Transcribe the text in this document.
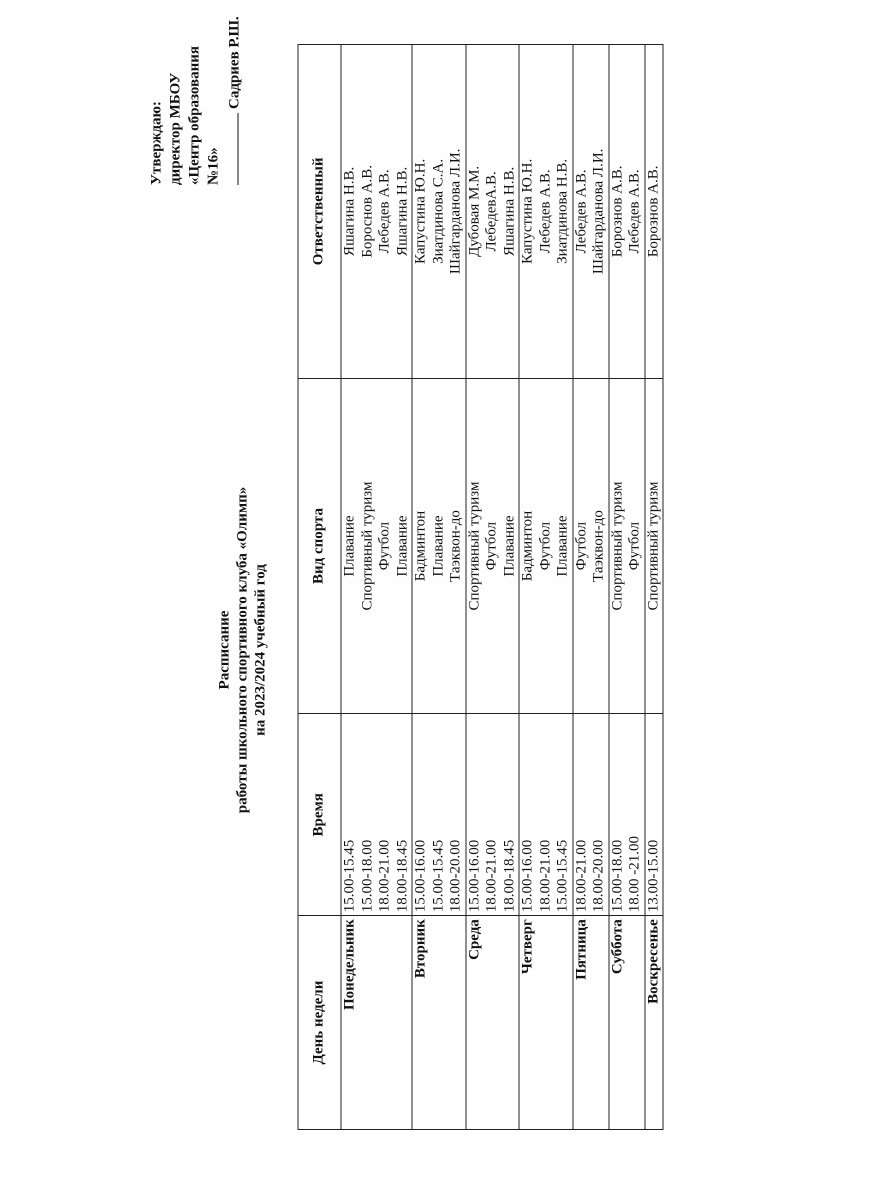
Утверждаю: директор МБОУ «Центр образования №16»
Садриев Р.Ш.
Расписание работы школьного спортивного клуба «Олимп» на 2023/2024 учебный год
День недели	Время	Вид спорта	Ответственный
Понедельник	15.00-15.45 15.00-18.00 18.00-21.00 18.00-18.45	Плавание Спортивный туризм Футбол Плавание	Яшагина Н.В. Бороснов А.В. Лебедев А.В. Яшагина Н.В.

Вторник	15.00-16.00 15.00-15.45 18.00-20.00	Бадминтон Плавание Таэквон-до	Капустина Ю.Н. Зиатдинова С.А. Шайгарданова Л.И.

Среда	15.00-16.00 18.00-21.00 18.00-18.45	Спортивный туризм Футбол Плавание	Дубовая М.М. ЛебедевА.В. Яшагина Н.В.

Четверг	15.00-16.00 18.00-21.00 15.00-15.45	Бадминтон Футбол Плавание	Капустина Ю.Н. Лебедев А.В. Зиатдинова Н.В.

Пятница	18.00-21.00 18.00-20.00	Футбол Таэквон-до	Лебедев А.В. Шайгарданова Л.И.

Суббота	15.00-18.00 18.00 -21.00	Спортивный туризм Футбол	Борознов А.В. Лебедев А.В.

Воскресенье	13.00-15.00	Спортивный туризм	Борознов А.В.
